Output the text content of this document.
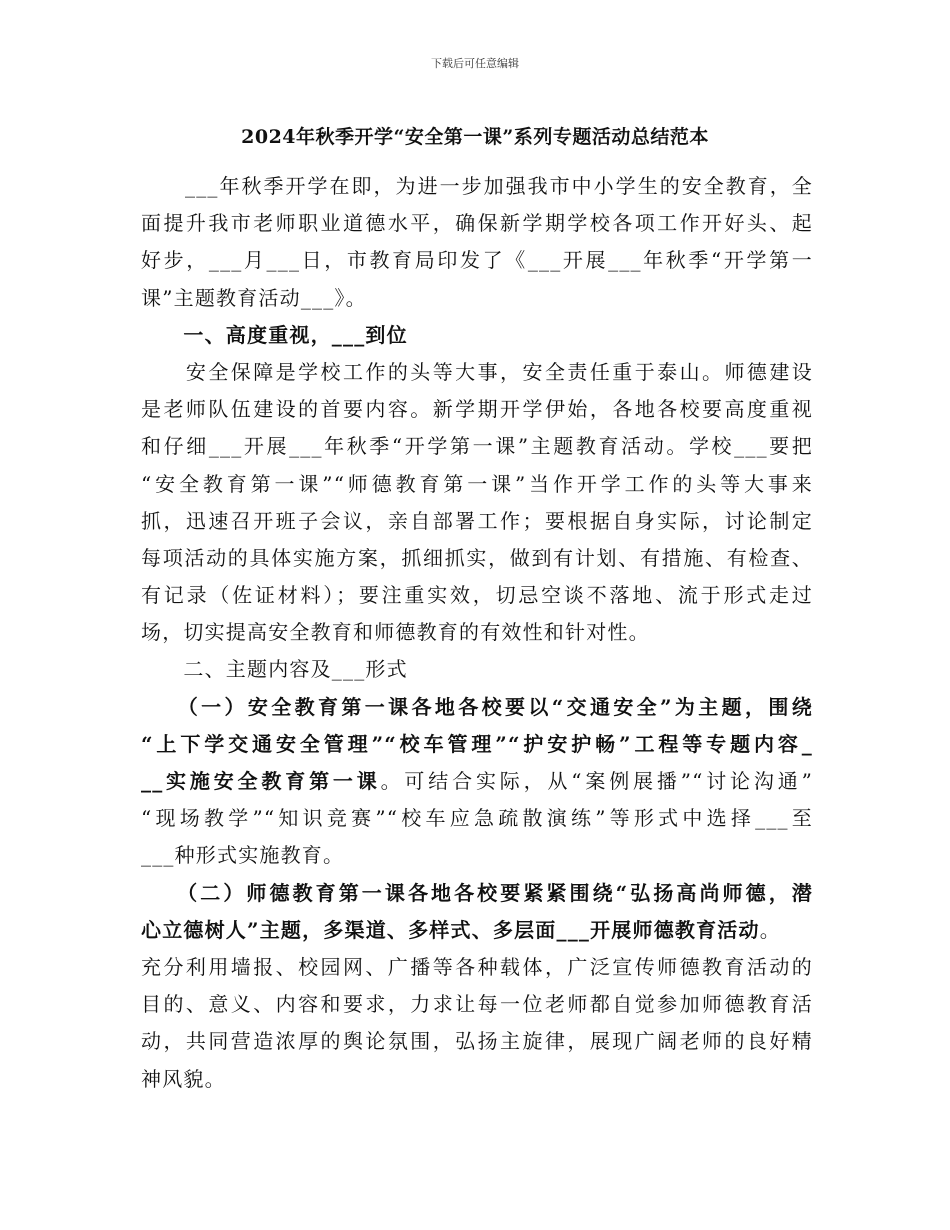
下载后可任意编辑
2024年秋季开学“安全第一课”系列专题活动总结范本
　　___年秋季开学在即，为进一步加强我市中小学生的安全教育，全
面提升我市老师职业道德水平，确保新学期学校各项工作开好头、起
好步，___月___日，市教育局印发了《___开展___年秋季“开学第一
课”主题教育活动___》。
　　一、高度重视，___到位
　　安全保障是学校工作的头等大事，安全责任重于泰山。师德建设
是老师队伍建设的首要内容。新学期开学伊始，各地各校要高度重视
和仔细___开展___年秋季“开学第一课”主题教育活动。学校___要把
“安全教育第一课”“师德教育第一课”当作开学工作的头等大事来
抓，迅速召开班子会议，亲自部署工作；要根据自身实际，讨论制定
每项活动的具体实施方案，抓细抓实，做到有计划、有措施、有检查、
有记录（佐证材料）；要注重实效，切忌空谈不落地、流于形式走过
场，切实提高安全教育和师德教育的有效性和针对性。
　　二、主题内容及___形式
　　（一）安全教育第一课各地各校要以“交通安全”为主题，围绕
“上下学交通安全管理”“校车管理”“护安护畅”工程等专题内容_
__实施安全教育第一课。可结合实际，从“案例展播”“讨论沟通”
“现场教学”“知识竞赛”“校车应急疏散演练”等形式中选择___至
___种形式实施教育。
　　（二）师德教育第一课各地各校要紧紧围绕“弘扬高尚师德，潜
心立德树人”主题，多渠道、多样式、多层面___开展师德教育活动。
充分利用墙报、校园网、广播等各种载体，广泛宣传师德教育活动的
目的、意义、内容和要求，力求让每一位老师都自觉参加师德教育活
动，共同营造浓厚的舆论氛围，弘扬主旋律，展现广阔老师的良好精
神风貌。
